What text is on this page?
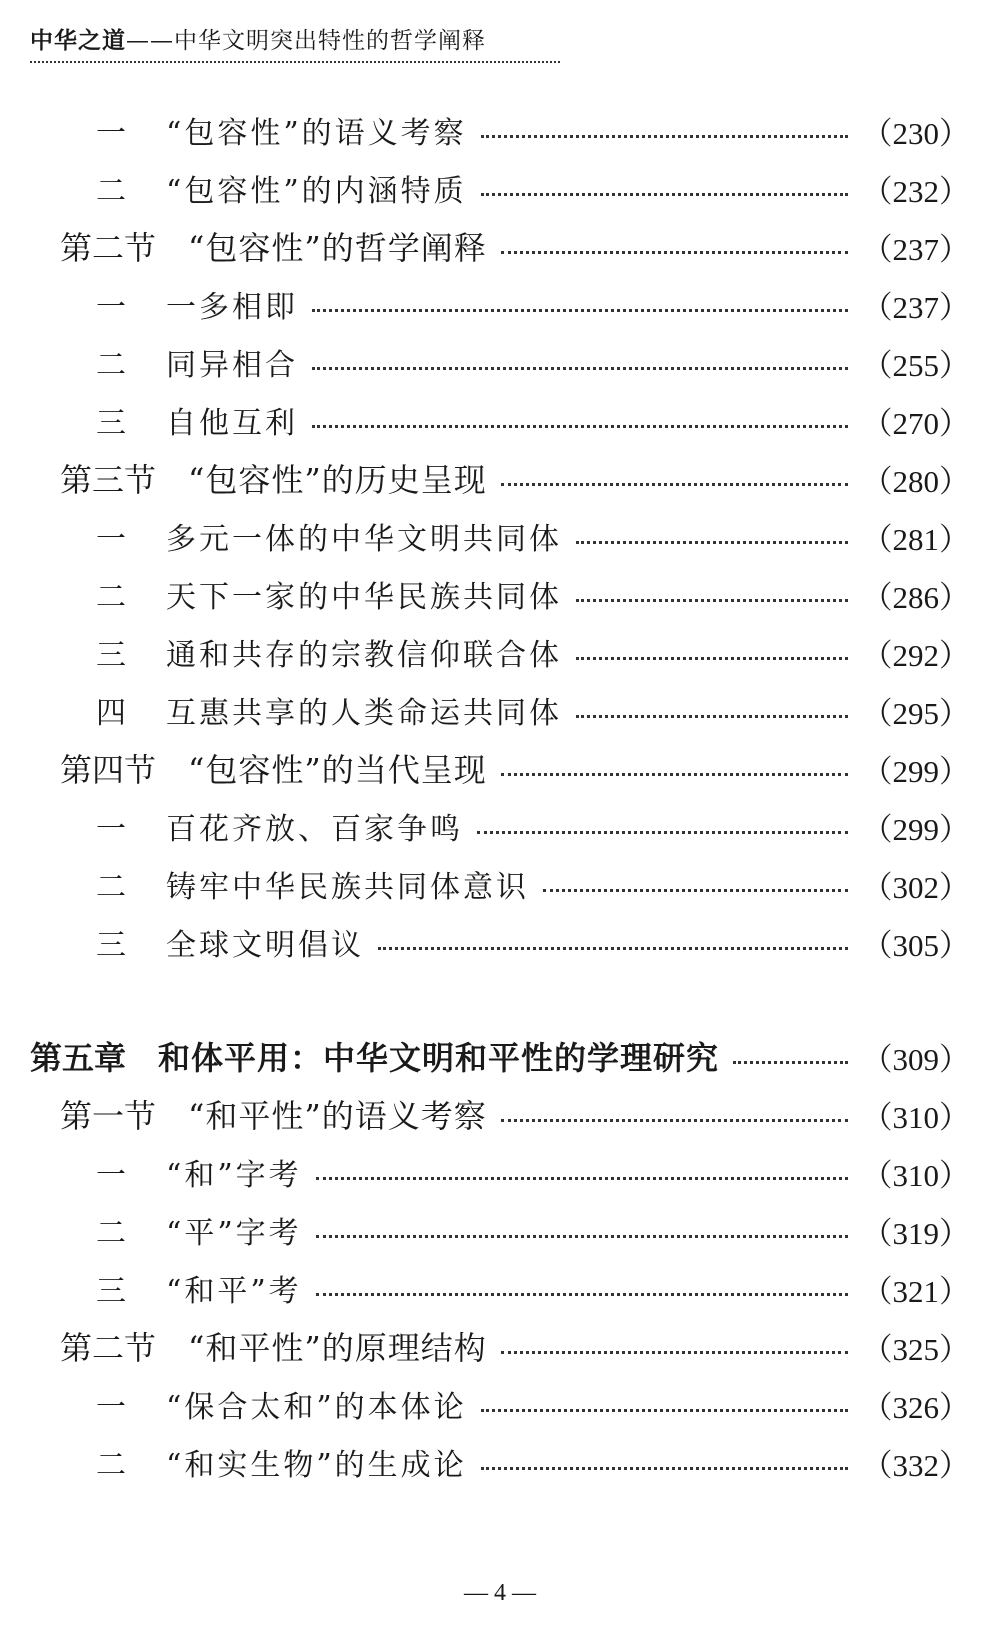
中华之道——中华文明突出特性的哲学阐释
一	“包容性”的语义考察	（230）
二	“包容性”的内涵特质	（232）
第二节 “包容性”的哲学阐释	（237）
一	一多相即	（237）
二	同异相合	（255）
三	自他互利	（270）
第三节 “包容性”的历史呈现	（280）
一	多元一体的中华文明共同体	（281）
二	天下一家的中华民族共同体	（286）
三	通和共存的宗教信仰联合体	（292）
四	互惠共享的人类命运共同体	（295）
第四节 “包容性”的当代呈现	（299）
一	百花齐放、百家争鸣	（299）
二	铸牢中华民族共同体意识	（302）
三	全球文明倡议	（305）
第五章 和体平用：中华文明和平性的学理研究	（309）
第一节 “和平性”的语义考察	（310）
一	“和”字考	（310）
二	“平”字考	（319）
三	“和平”考	（321）
第二节 “和平性”的原理结构	（325）
一	“保合太和”的本体论	（326）
二	“和实生物”的生成论	（332）
— 4 —
